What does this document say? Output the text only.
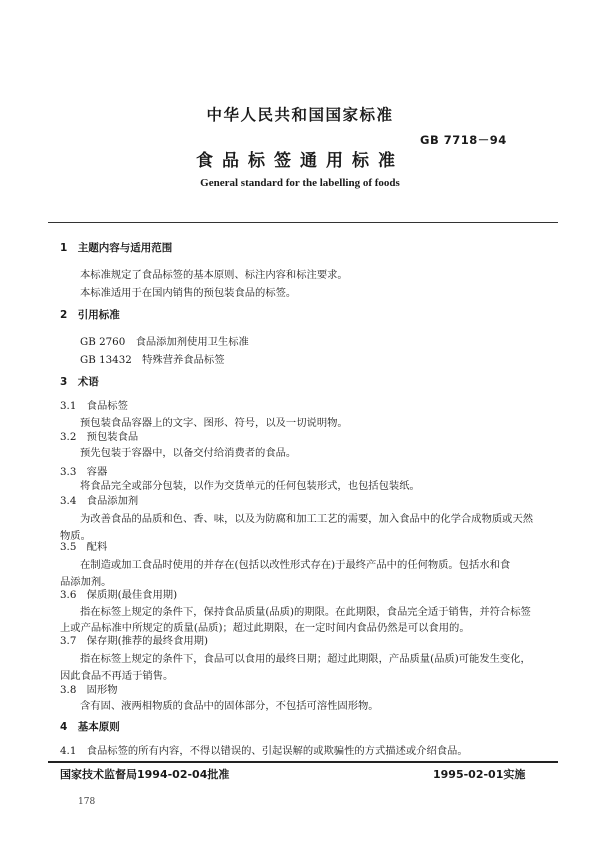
中华人民共和国国家标准
GB 7718－94
食品标签通用标准
General standard for the labelling of foods
1　主题内容与适用范围
本标准规定了食品标签的基本原则、标注内容和标注要求。
本标准适用于在国内销售的预包装食品的标签。
2　引用标准
GB 2760　食品添加剂使用卫生标准
GB 13432　特殊营养食品标签
3　术语
3.1　食品标签
预包装食品容器上的文字、图形、符号，以及一切说明物。
3.2　预包装食品
预先包装于容器中，以备交付给消费者的食品。
3.3　容器
将食品完全或部分包装，以作为交货单元的任何包装形式，也包括包装纸。
3.4　食品添加剂
为改善食品的品质和色、香、味，以及为防腐和加工工艺的需要，加入食品中的化学合成物质或天然
物质。
3.5　配料
在制造或加工食品时使用的并存在(包括以改性形式存在)于最终产品中的任何物质。包括水和食
品添加剂。
3.6　保质期(最佳食用期)
指在标签上规定的条件下，保持食品质量(品质)的期限。在此期限，食品完全适于销售，并符合标签
上或产品标准中所规定的质量(品质)；超过此期限，在一定时间内食品仍然是可以食用的。
3.7　保存期(推荐的最终食用期)
指在标签上规定的条件下，食品可以食用的最终日期；超过此期限，产品质量(品质)可能发生变化，
因此食品不再适于销售。
3.8　固形物
含有固、液两相物质的食品中的固体部分，不包括可溶性固形物。
4　基本原则
4.1　食品标签的所有内容，不得以错误的、引起误解的或欺骗性的方式描述或介绍食品。
国家技术监督局1994-02-04批准	1995-02-01实施
178
